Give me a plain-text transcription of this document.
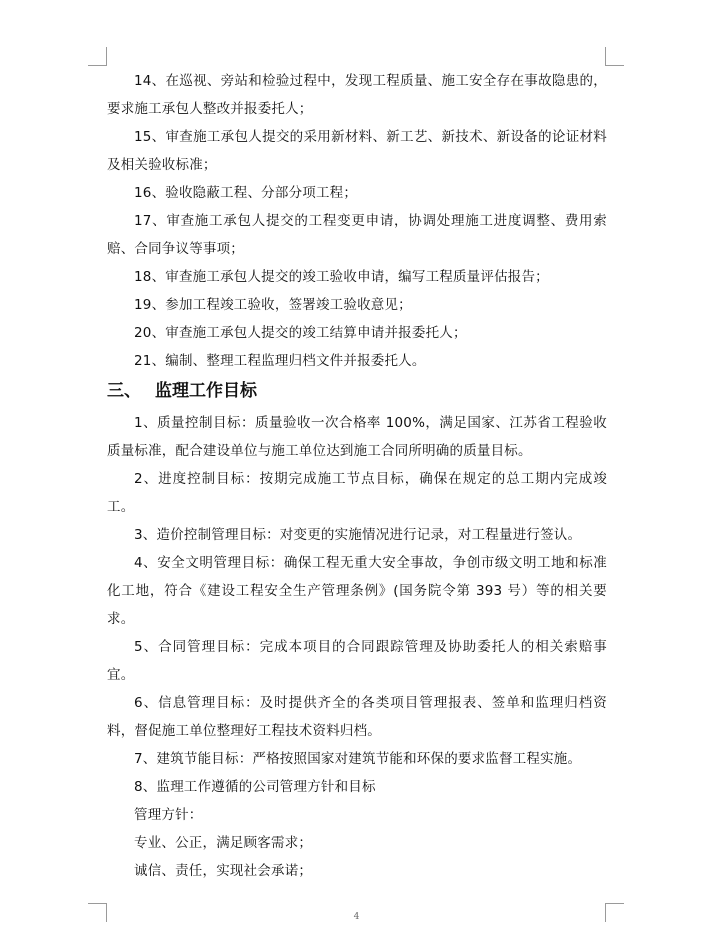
14、在巡视、旁站和检验过程中，发现工程质量、施工安全存在事故隐患的，要求施工承包人整改并报委托人；

15、审查施工承包人提交的采用新材料、新工艺、新技术、新设备的论证材料及相关验收标准；

16、验收隐蔽工程、分部分项工程；

17、审查施工承包人提交的工程变更申请，协调处理施工进度调整、费用索赔、合同争议等事项；

18、审查施工承包人提交的竣工验收申请，编写工程质量评估报告；

19、参加工程竣工验收，签署竣工验收意见；

20、审查施工承包人提交的竣工结算申请并报委托人；

21、编制、整理工程监理归档文件并报委托人。

三、 监理工作目标

1、质量控制目标：质量验收一次合格率 100%，满足国家、江苏省工程验收质量标准，配合建设单位与施工单位达到施工合同所明确的质量目标。

2、进度控制目标：按期完成施工节点目标，确保在规定的总工期内完成竣工。

3、造价控制管理目标：对变更的实施情况进行记录，对工程量进行签认。

4、安全文明管理目标：确保工程无重大安全事故，争创市级文明工地和标准化工地，符合《建设工程安全生产管理条例》(国务院令第 393 号）等的相关要求。

5、合同管理目标：完成本项目的合同跟踪管理及协助委托人的相关索赔事宜。

6、信息管理目标：及时提供齐全的各类项目管理报表、签单和监理归档资料，督促施工单位整理好工程技术资料归档。

7、建筑节能目标：严格按照国家对建筑节能和环保的要求监督工程实施。

8、监理工作遵循的公司管理方针和目标

管理方针：

专业、公正，满足顾客需求；

诚信、责任，实现社会承诺；

4
